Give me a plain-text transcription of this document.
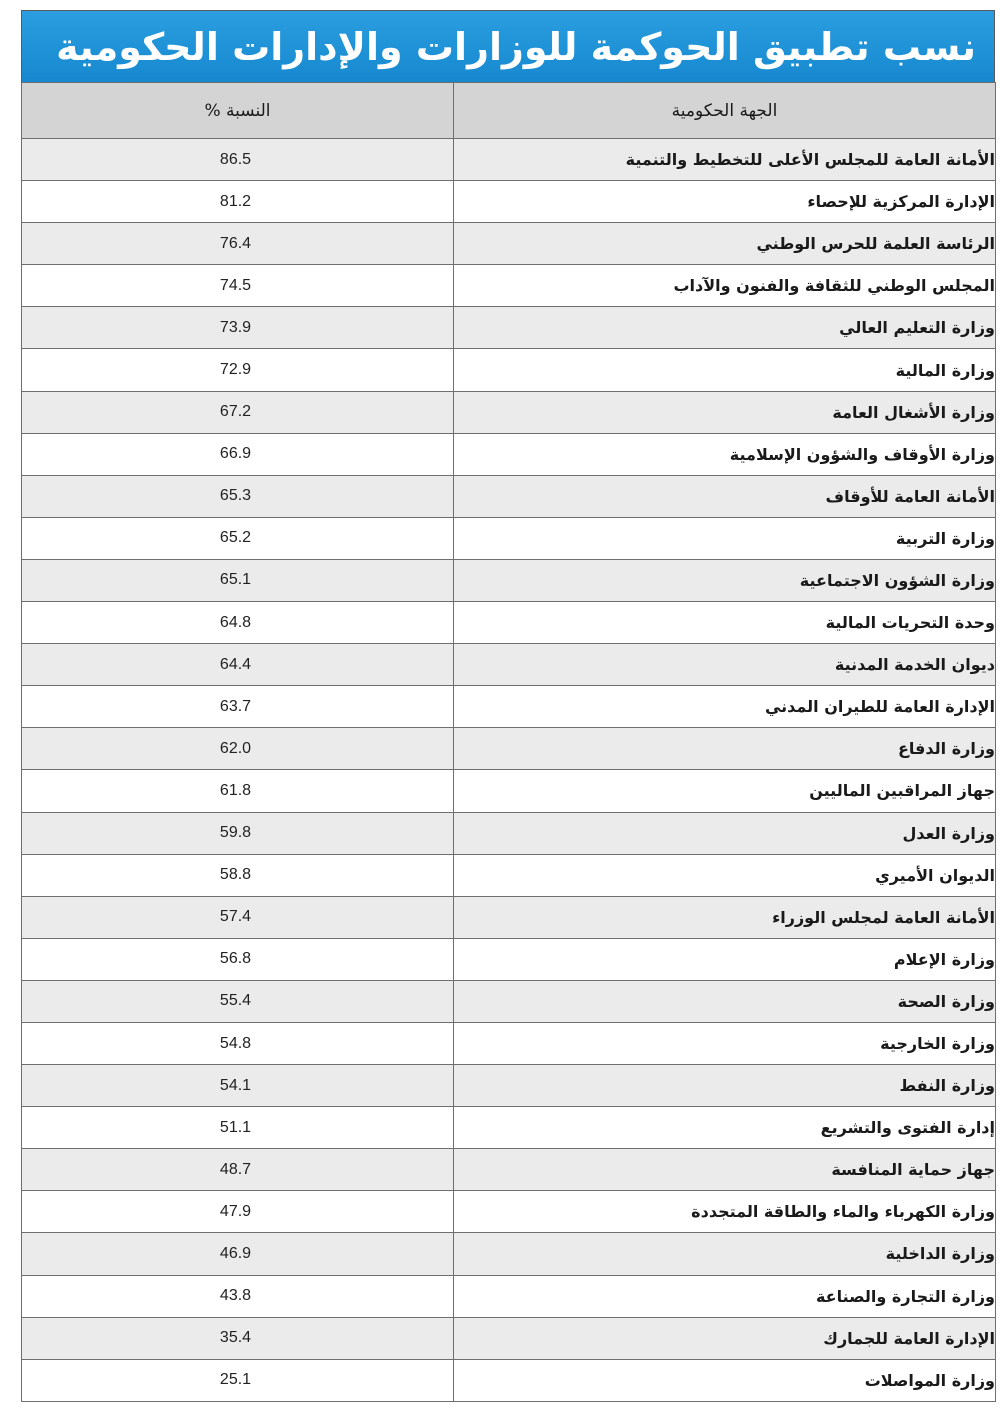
نسب تطبيق الحوكمة للوزارات والإدارات الحكومية
الجهة الحكومية	النسبة %
الأمانة العامة للمجلس الأعلى للتخطيط والتنمية	86.5
الإدارة المركزية للإحصاء	81.2
الرئاسة العلمة للحرس الوطني	76.4
المجلس الوطني للثقافة والفنون والآداب	74.5
وزارة التعليم العالي	73.9
وزارة المالية	72.9
وزارة الأشغال العامة	67.2
وزارة الأوقاف والشؤون الإسلامية	66.9
الأمانة العامة للأوقاف	65.3
وزارة التربية	65.2
وزارة الشؤون الاجتماعية	65.1
وحدة التحريات المالية	64.8
ديوان الخدمة المدنية	64.4
الإدارة العامة للطيران المدني	63.7
وزارة الدفاع	62.0
جهاز المراقبين الماليين	61.8
وزارة العدل	59.8
الديوان الأميري	58.8
الأمانة العامة لمجلس الوزراء	57.4
وزارة الإعلام	56.8
وزارة الصحة	55.4
وزارة الخارجية	54.8
وزارة النفط	54.1
إدارة الفتوى والتشريع	51.1
جهاز حماية المنافسة	48.7
وزارة الكهرباء والماء والطاقة المتجددة	47.9
وزارة الداخلية	46.9
وزارة التجارة والصناعة	43.8
الإدارة العامة للجمارك	35.4
وزارة المواصلات	25.1
